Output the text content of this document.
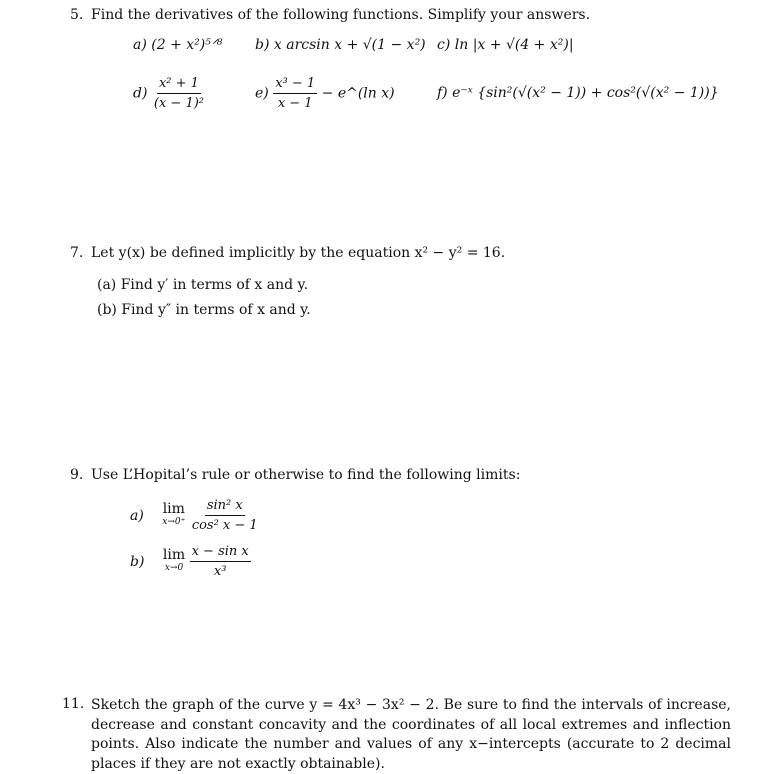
5. Find the derivatives of the following functions. Simplify your answers.
a) (2 + x²)⁵ᐟ⁸ b) x arcsin x + √(1 − x²) c) ln |x + √(4 + x²)|
$d) \frac{\text{x² + 1}}{\text{(x − 1)²}}$	$e) \frac{\text{x³ − 1}}{x - 1}$ − e^(ln x)	f) e⁻ˣ {sin²(√(x² − 1)) + cos²(√(x² − 1))}
7. Let y(x) be defined implicitly by the equation x² − y² = 16.
(a) Find y′ in terms of x and y.
(b) Find y″ in terms of x and y.
9. Use L’Hopital’s rule or otherwise to find the following limits:
a) lim
x→0⁺
$\frac{\text{sin² x}}{\text{cos² x − 1}}$
b) lim
x→0
$\frac{\text{x − sin x}}{\text{x³}}$
11. Sketch the graph of the curve y = 4x³ − 3x² − 2. Be sure to find the intervals of increase, decrease and constant concavity and the coordinates of all local extremes and inflection points. Also indicate the number and values of any x−intercepts (accurate to 2 decimal places if they are not exactly obtainable).
